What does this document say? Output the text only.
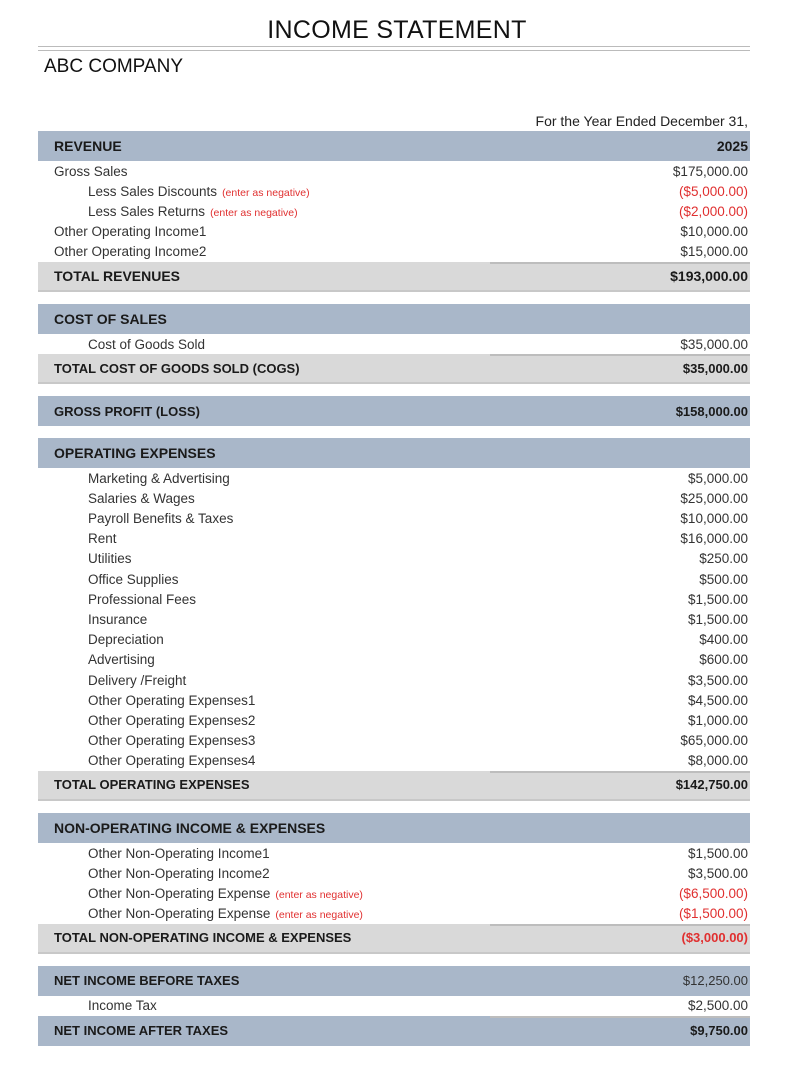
INCOME STATEMENT
ABC COMPANY
For the Year Ended December 31,
REVENUE	2025
Gross Sales	$175,000.00
Less Sales Discounts (enter as negative)	($5,000.00)
Less Sales Returns (enter as negative)	($2,000.00)
Other Operating Income1	$10,000.00
Other Operating Income2	$15,000.00
TOTAL REVENUES	$193,000.00
COST OF SALES
Cost of Goods Sold	$35,000.00
TOTAL COST OF GOODS SOLD (COGS)	$35,000.00
GROSS PROFIT (LOSS)	$158,000.00
OPERATING EXPENSES
Marketing & Advertising	$5,000.00
Salaries & Wages	$25,000.00
Payroll Benefits & Taxes	$10,000.00
Rent	$16,000.00
Utilities	$250.00
Office Supplies	$500.00
Professional Fees	$1,500.00
Insurance	$1,500.00
Depreciation	$400.00
Advertising	$600.00
Delivery /Freight	$3,500.00
Other Operating Expenses1	$4,500.00
Other Operating Expenses2	$1,000.00
Other Operating Expenses3	$65,000.00
Other Operating Expenses4	$8,000.00
TOTAL OPERATING EXPENSES	$142,750.00
NON-OPERATING INCOME & EXPENSES
Other Non-Operating Income1	$1,500.00
Other Non-Operating Income2	$3,500.00
Other Non-Operating Expense (enter as negative)	($6,500.00)
Other Non-Operating Expense (enter as negative)	($1,500.00)
TOTAL NON-OPERATING INCOME & EXPENSES	($3,000.00)
NET INCOME BEFORE TAXES	$12,250.00
Income Tax	$2,500.00
NET INCOME AFTER TAXES	$9,750.00
